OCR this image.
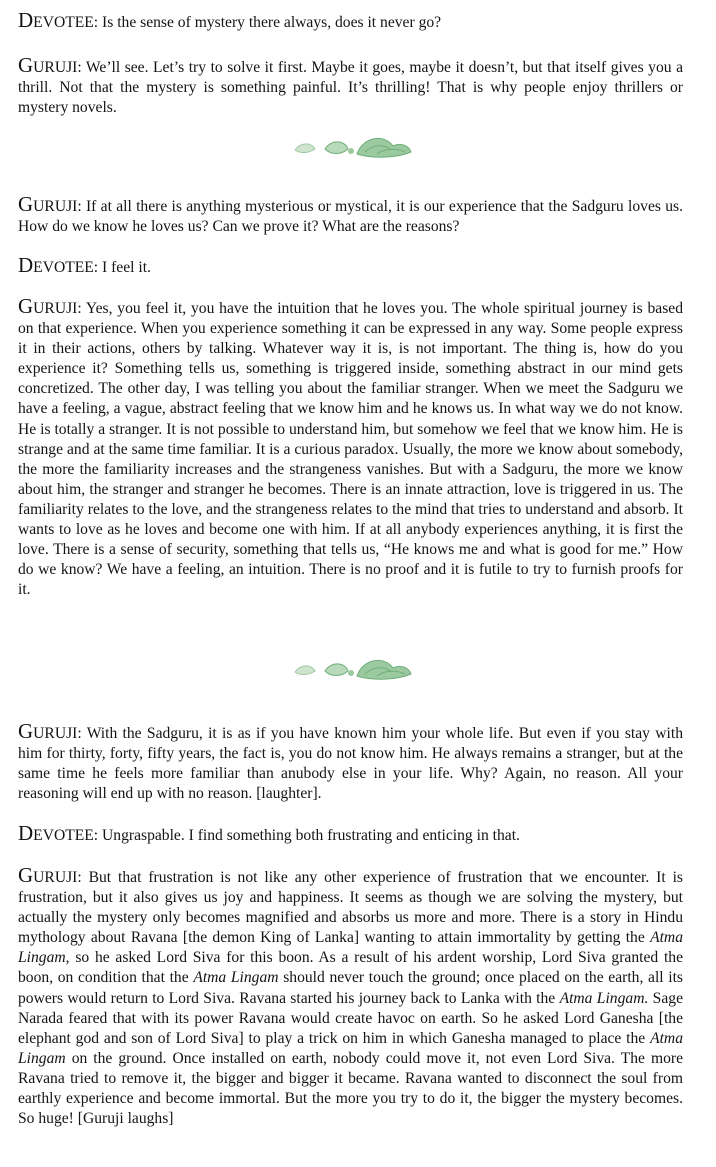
DEVOTEE: Is the sense of mystery there always, does it never go?

GURUJI: We’ll see. Let’s try to solve it first. Maybe it goes, maybe it doesn’t, but that itself gives you a thrill. Not that the mystery is something painful. It’s thrilling! That is why people enjoy thrillers or mystery novels.

GURUJI: If at all there is anything mysterious or mystical, it is our experience that the Sadguru loves us. How do we know he loves us? Can we prove it? What are the reasons?

DEVOTEE: I feel it.

GURUJI: Yes, you feel it, you have the intuition that he loves you. The whole spiritual journey is based on that experience. When you experience something it can be expressed in any way. Some people express it in their actions, others by talking. Whatever way it is, is not important. The thing is, how do you experience it? Something tells us, something is triggered inside, something abstract in our mind gets concretized. The other day, I was telling you about the familiar stranger. When we meet the Sadguru we have a feeling, a vague, abstract feeling that we know him and he knows us. In what way we do not know. He is totally a stranger. It is not possible to understand him, but somehow we feel that we know him. He is strange and at the same time familiar. It is a curious paradox. Usually, the more we know about somebody, the more the familiarity increases and the strangeness vanishes. But with a Sadguru, the more we know about him, the stranger and stranger he becomes. There is an innate attraction, love is triggered in us. The familiarity relates to the love, and the strangeness relates to the mind that tries to understand and absorb. It wants to love as he loves and become one with him. If at all anybody experiences anything, it is first the love. There is a sense of security, something that tells us, “He knows me and what is good for me.” How do we know? We have a feeling, an intuition. There is no proof and it is futile to try to furnish proofs for it.

GURUJI: With the Sadguru, it is as if you have known him your whole life. But even if you stay with him for thirty, forty, fifty years, the fact is, you do not know him. He always remains a stranger, but at the same time he feels more familiar than anubody else in your life. Why? Again, no reason. All your reasoning will end up with no reason. [laughter].

DEVOTEE: Ungraspable. I find something both frustrating and enticing in that.

GURUJI: But that frustration is not like any other experience of frustration that we encounter. It is frustration, but it also gives us joy and happiness. It seems as though we are solving the mystery, but actually the mystery only becomes magnified and absorbs us more and more. There is a story in Hindu mythology about Ravana [the demon King of Lanka] wanting to attain immortality by getting the Atma Lingam, so he asked Lord Siva for this boon. As a result of his ardent worship, Lord Siva granted the boon, on condition that the Atma Lingam should never touch the ground; once placed on the earth, all its powers would return to Lord Siva. Ravana started his journey back to Lanka with the Atma Lingam. Sage Narada feared that with its power Ravana would create havoc on earth. So he asked Lord Ganesha [the elephant god and son of Lord Siva] to play a trick on him in which Ganesha managed to place the Atma Lingam on the ground. Once installed on earth, nobody could move it, not even Lord Siva. The more Ravana tried to remove it, the bigger and bigger it became. Ravana wanted to disconnect the soul from earthly experience and become immortal. But the more you try to do it, the bigger the mystery becomes. So huge! [Guruji laughs]
